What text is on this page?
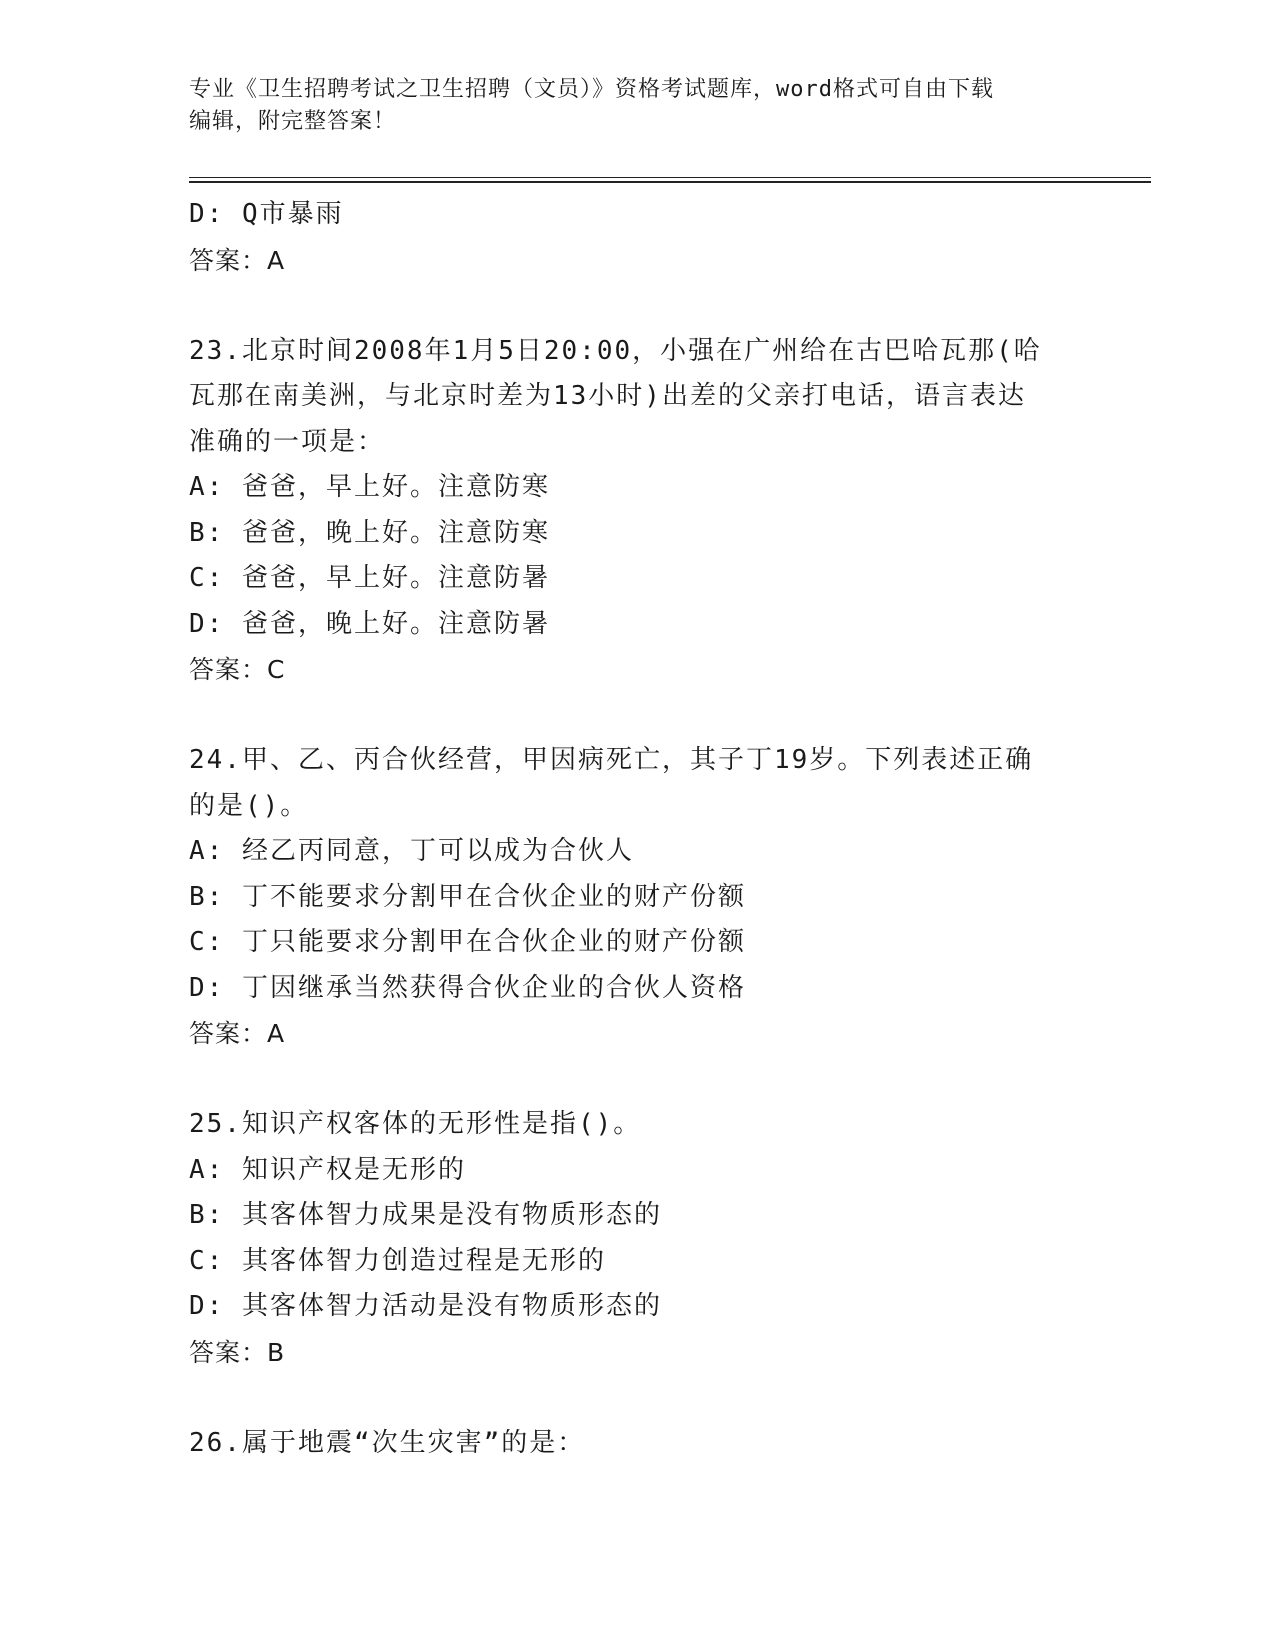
专业《卫生招聘考试之卫生招聘（文员）》资格考试题库，word格式可自由下载
编辑，附完整答案！
D: Q市暴雨
答案：A
23.北京时间2008年1月5日20:00，小强在广州给在古巴哈瓦那(哈
瓦那在南美洲，与北京时差为13小时)出差的父亲打电话，语言表达
准确的一项是：
A: 爸爸，早上好。注意防寒
B: 爸爸，晚上好。注意防寒
C: 爸爸，早上好。注意防暑
D: 爸爸，晚上好。注意防暑
答案：C
24.甲、乙、丙合伙经营，甲因病死亡，其子丁19岁。下列表述正确
的是()。
A: 经乙丙同意，丁可以成为合伙人
B: 丁不能要求分割甲在合伙企业的财产份额
C: 丁只能要求分割甲在合伙企业的财产份额
D: 丁因继承当然获得合伙企业的合伙人资格
答案：A
25.知识产权客体的无形性是指()。
A: 知识产权是无形的
B: 其客体智力成果是没有物质形态的
C: 其客体智力创造过程是无形的
D: 其客体智力活动是没有物质形态的
答案：B
26.属于地震“次生灾害”的是：
